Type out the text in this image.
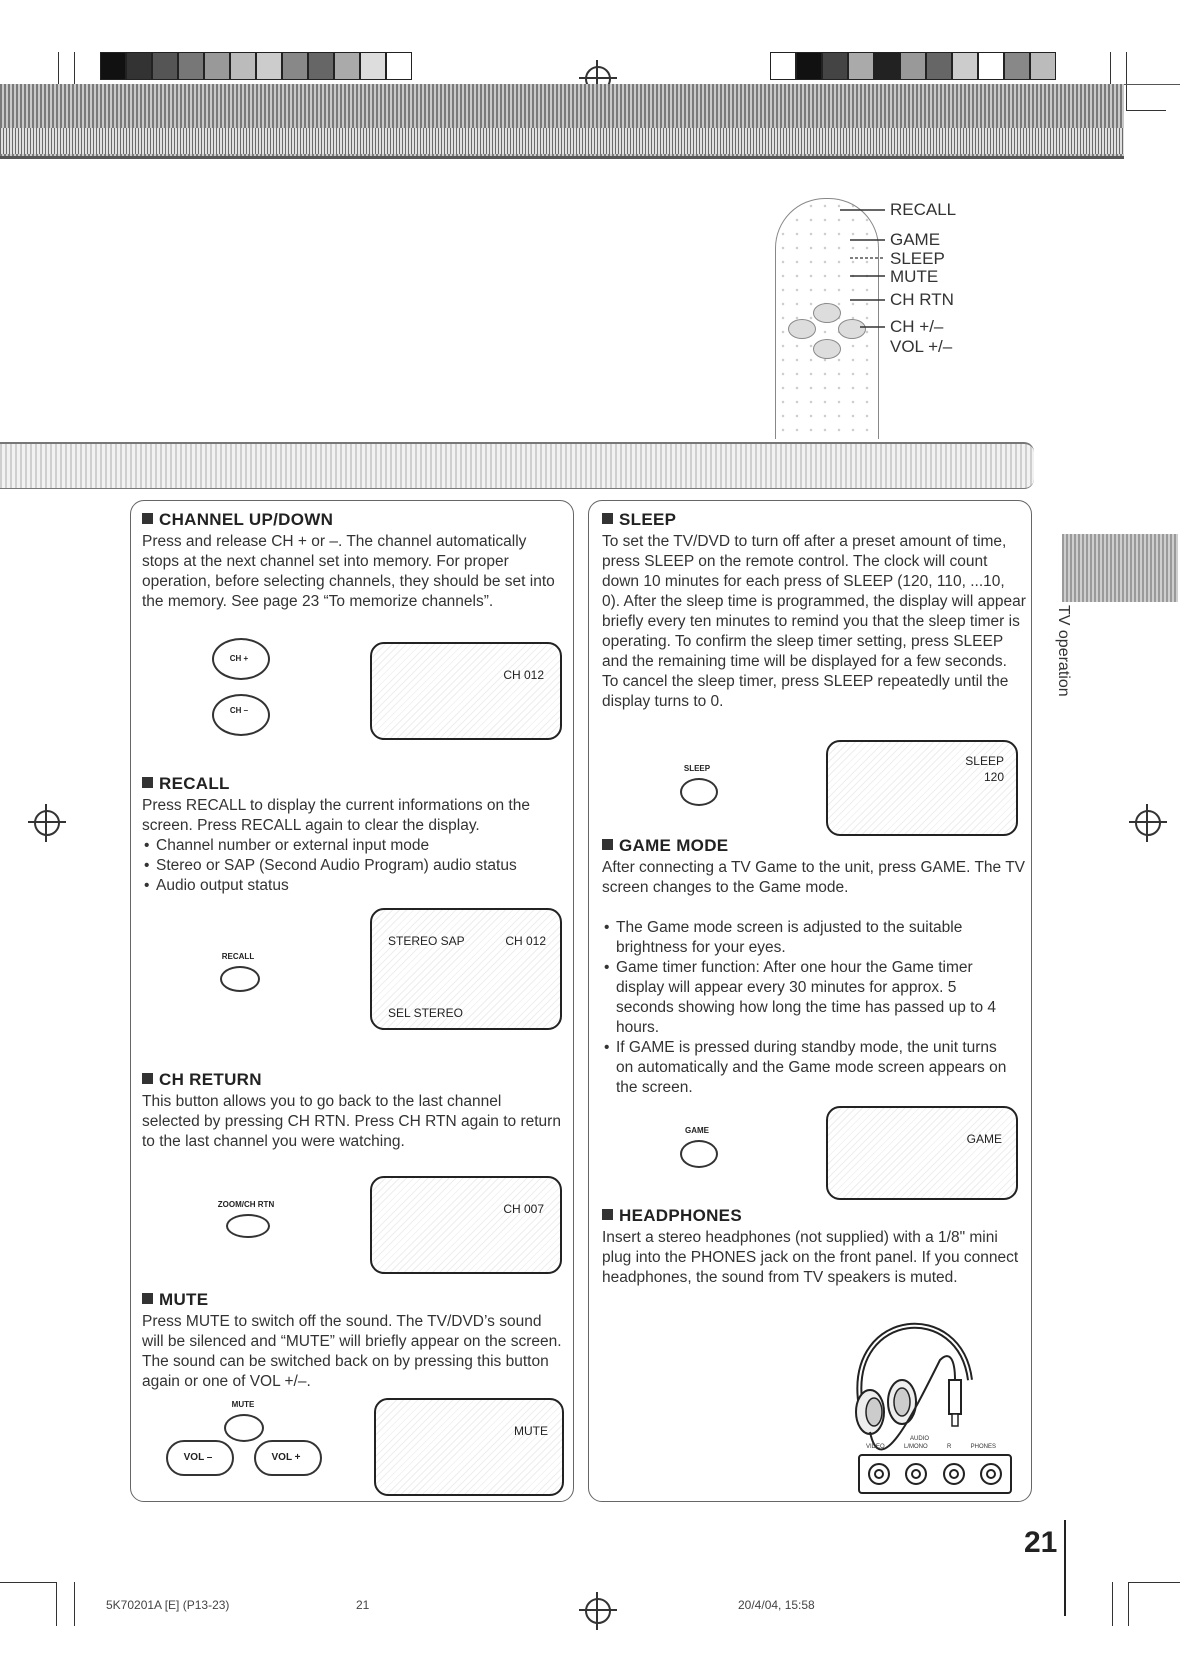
RECALL
GAME
SLEEP
MUTE
CH RTN
CH +/–
VOL +/–
TV operation
CHANNEL UP/DOWN
Press and release CH + or –. The channel automatically stops at the next channel set into memory. For proper operation, before selecting channels, they should be set into the memory. See page 23 “To memorize channels”.
CH +
CH –
CH 012
RECALL
Press RECALL to display the current informations on the screen. Press RECALL again to clear the display.
• Channel number or external input mode
• Stereo or SAP (Second Audio Program) audio status
• Audio output status
RECALL
STEREO SAP	CH 012
SEL STEREO
CH RETURN
This button allows you to go back to the last channel selected by pressing CH RTN. Press CH RTN again to return to the last channel you were watching.
ZOOM/CH RTN	CH 007
MUTE
Press MUTE to switch off the sound. The TV/DVD’s sound will be silenced and “MUTE” will briefly appear on the screen. The sound can be switched back on by pressing this button again or one of VOL +/–.
MUTE
VOL –	VOL +
MUTE
SLEEP
To set the TV/DVD to turn off after a preset amount of time, press SLEEP on the remote control. The clock will count down 10 minutes for each press of SLEEP (120, 110, ...10, 0). After the sleep time is programmed, the display will appear briefly every ten minutes to remind you that the sleep timer is operating. To confirm the sleep timer setting, press SLEEP and the remaining time will be displayed for a few seconds. To cancel the sleep timer, press SLEEP repeatedly until the display turns to 0.
SLEEP
SLEEP
120
GAME MODE
After connecting a TV Game to the unit, press GAME. The TV screen changes to the Game mode.
• The Game mode screen is adjusted to the suitable brightness for your eyes.
• Game timer function: After one hour the Game timer display will appear every 30 minutes for approx. 5 seconds showing how long the time has passed up to 4 hours.
• If GAME is pressed during standby mode, the unit turns on automatically and the Game mode screen appears on the screen.
GAME
GAME
HEADPHONES
Insert a stereo headphones (not supplied) with a 1/8" mini plug into the PHONES jack on the front panel. If you connect headphones, the sound from TV speakers is muted.
AUDIO
VIDEO	L/MONO	R	PHONES
21
5K70201A [E] (P13-23)	21	20/4/04, 15:58
